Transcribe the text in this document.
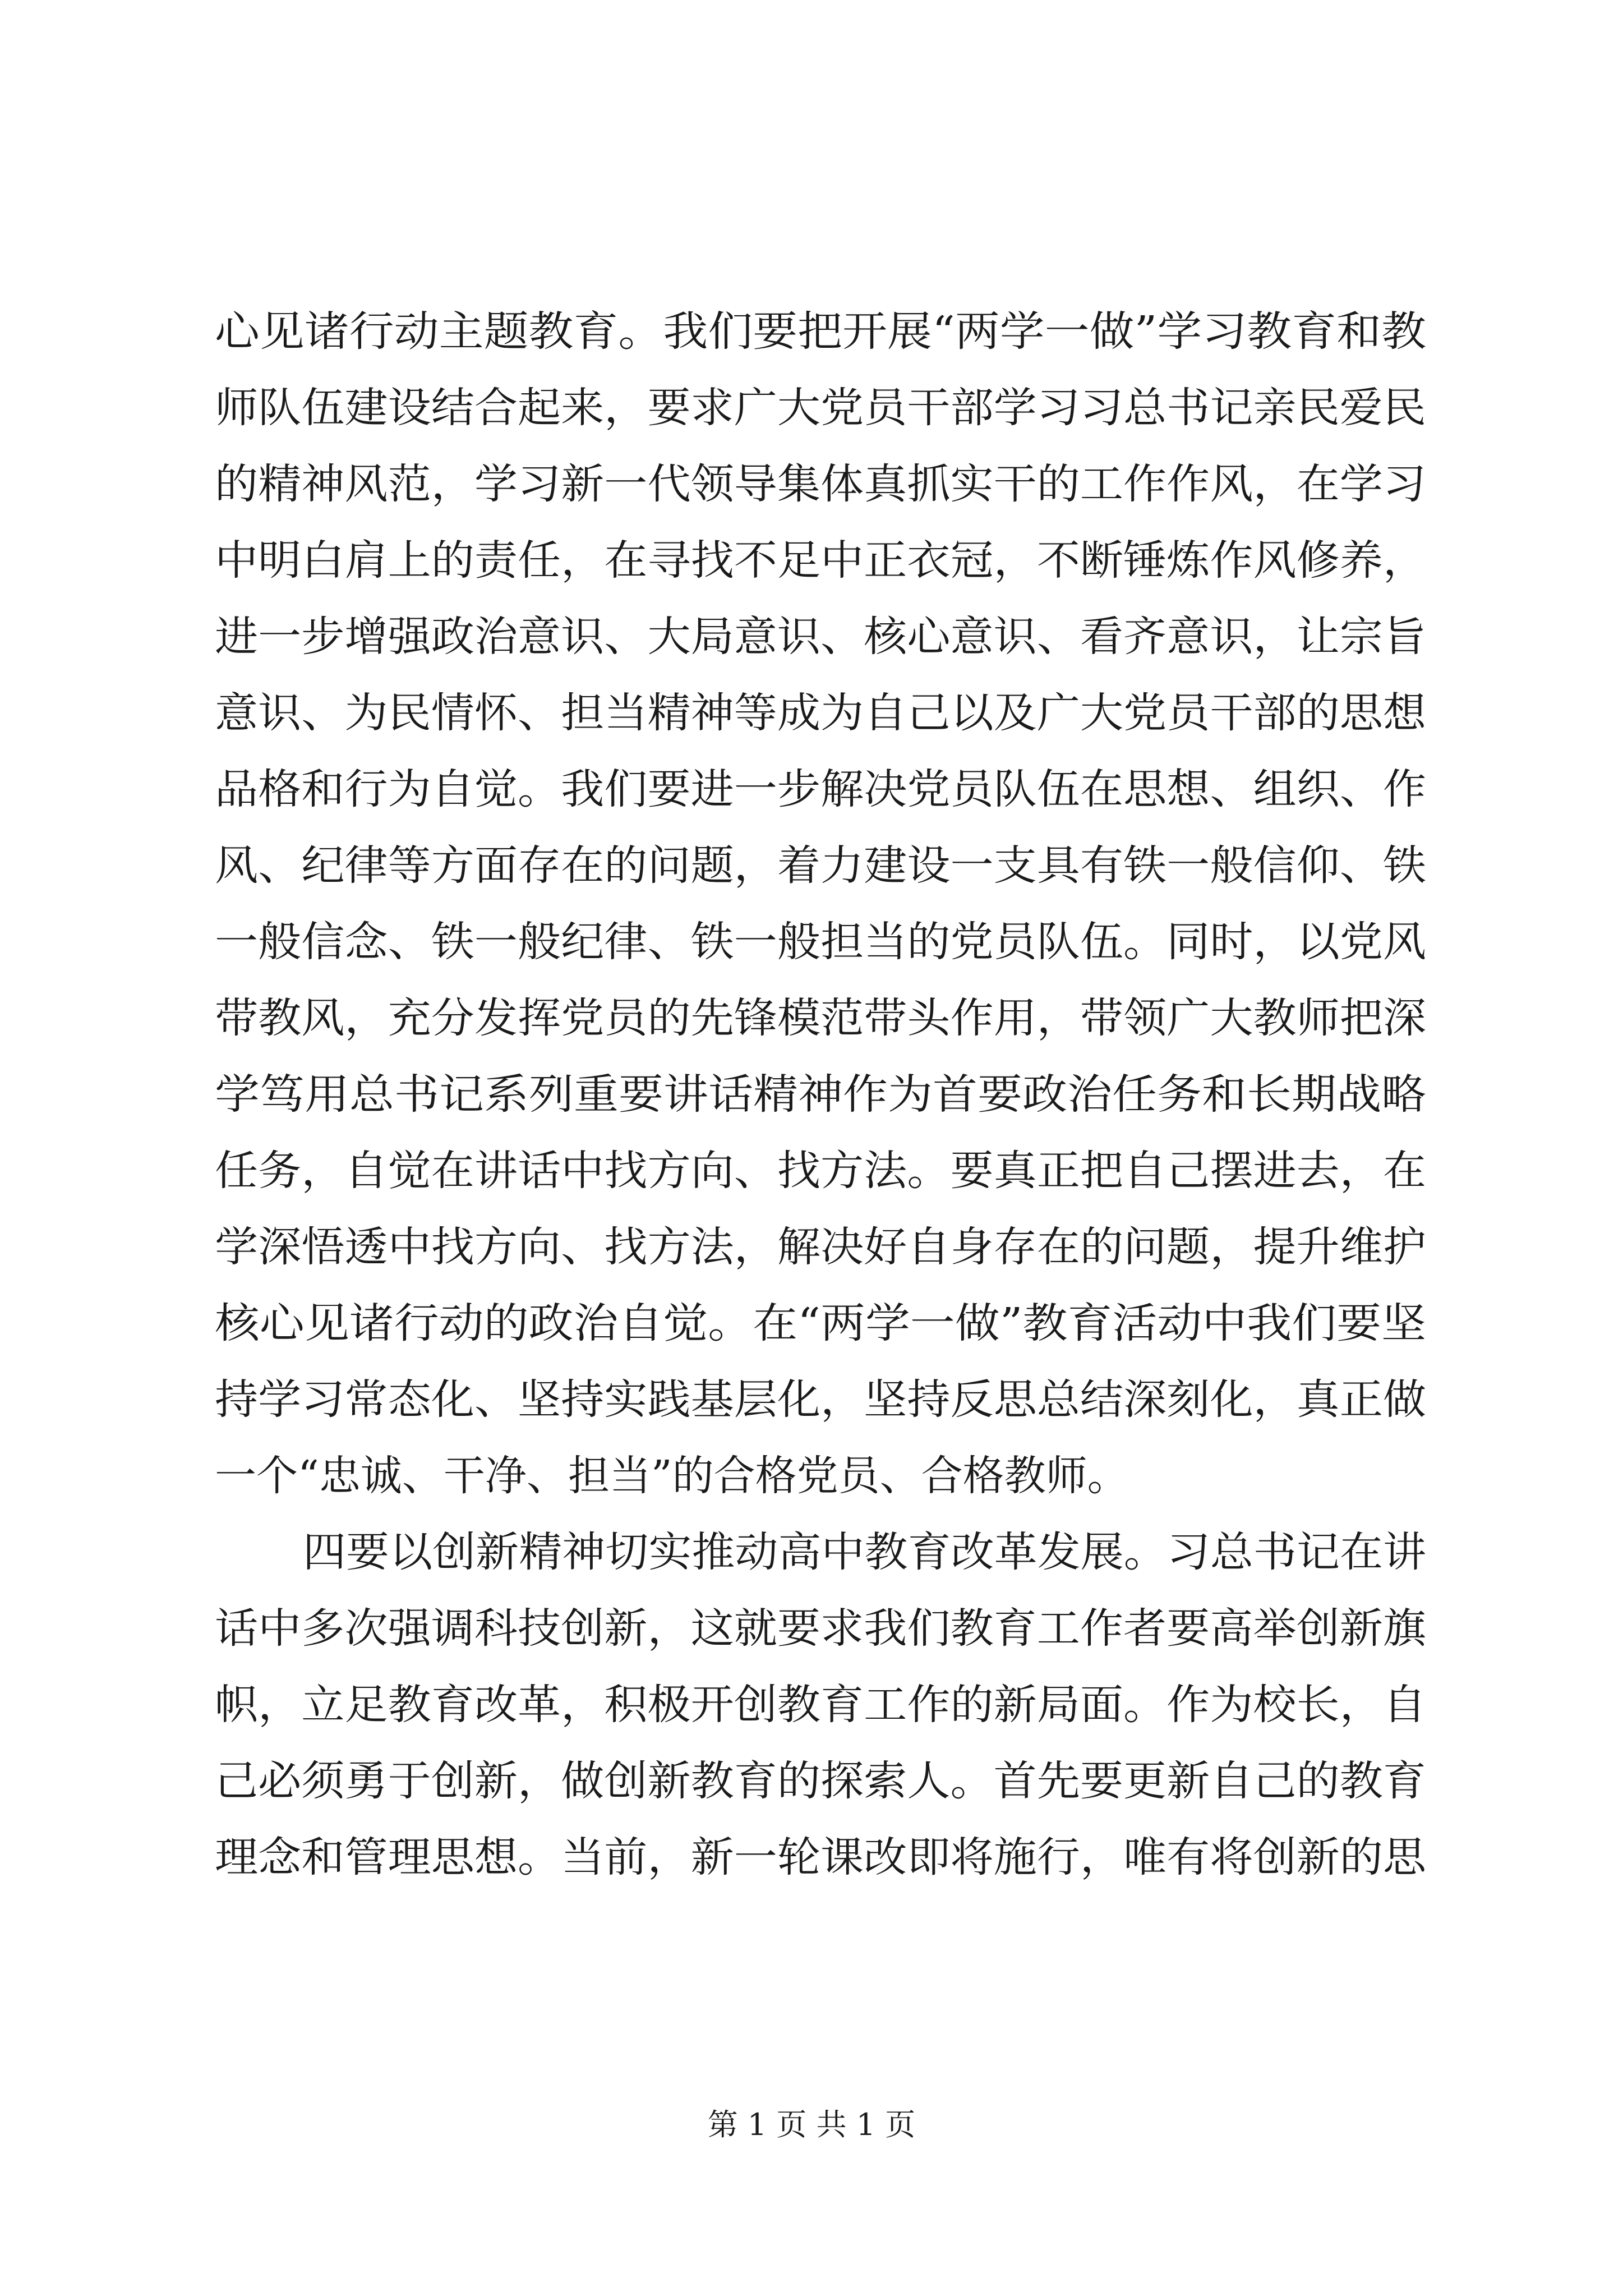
心见诸行动主题教育。我们要把开展“两学一做”学习教育和教
师队伍建设结合起来，要求广大党员干部学习习总书记亲民爱民
的精神风范，学习新一代领导集体真抓实干的工作作风，在学习
中明白肩上的责任，在寻找不足中正衣冠，不断锤炼作风修养，
进一步增强政治意识、大局意识、核心意识、看齐意识，让宗旨
意识、为民情怀、担当精神等成为自己以及广大党员干部的思想
品格和行为自觉。我们要进一步解决党员队伍在思想、组织、作
风、纪律等方面存在的问题，着力建设一支具有铁一般信仰、铁
一般信念、铁一般纪律、铁一般担当的党员队伍。同时，以党风
带教风，充分发挥党员的先锋模范带头作用，带领广大教师把深
学笃用总书记系列重要讲话精神作为首要政治任务和长期战略
任务，自觉在讲话中找方向、找方法。要真正把自己摆进去，在
学深悟透中找方向、找方法，解决好自身存在的问题，提升维护
核心见诸行动的政治自觉。在“两学一做”教育活动中我们要坚
持学习常态化、坚持实践基层化，坚持反思总结深刻化，真正做
一个“忠诚、干净、担当”的合格党员、合格教师。
四要以创新精神切实推动高中教育改革发展。习总书记在讲
话中多次强调科技创新，这就要求我们教育工作者要高举创新旗
帜，立足教育改革，积极开创教育工作的新局面。作为校长，自
己必须勇于创新，做创新教育的探索人。首先要更新自己的教育
理念和管理思想。当前，新一轮课改即将施行，唯有将创新的思
第 1 页 共 1 页
